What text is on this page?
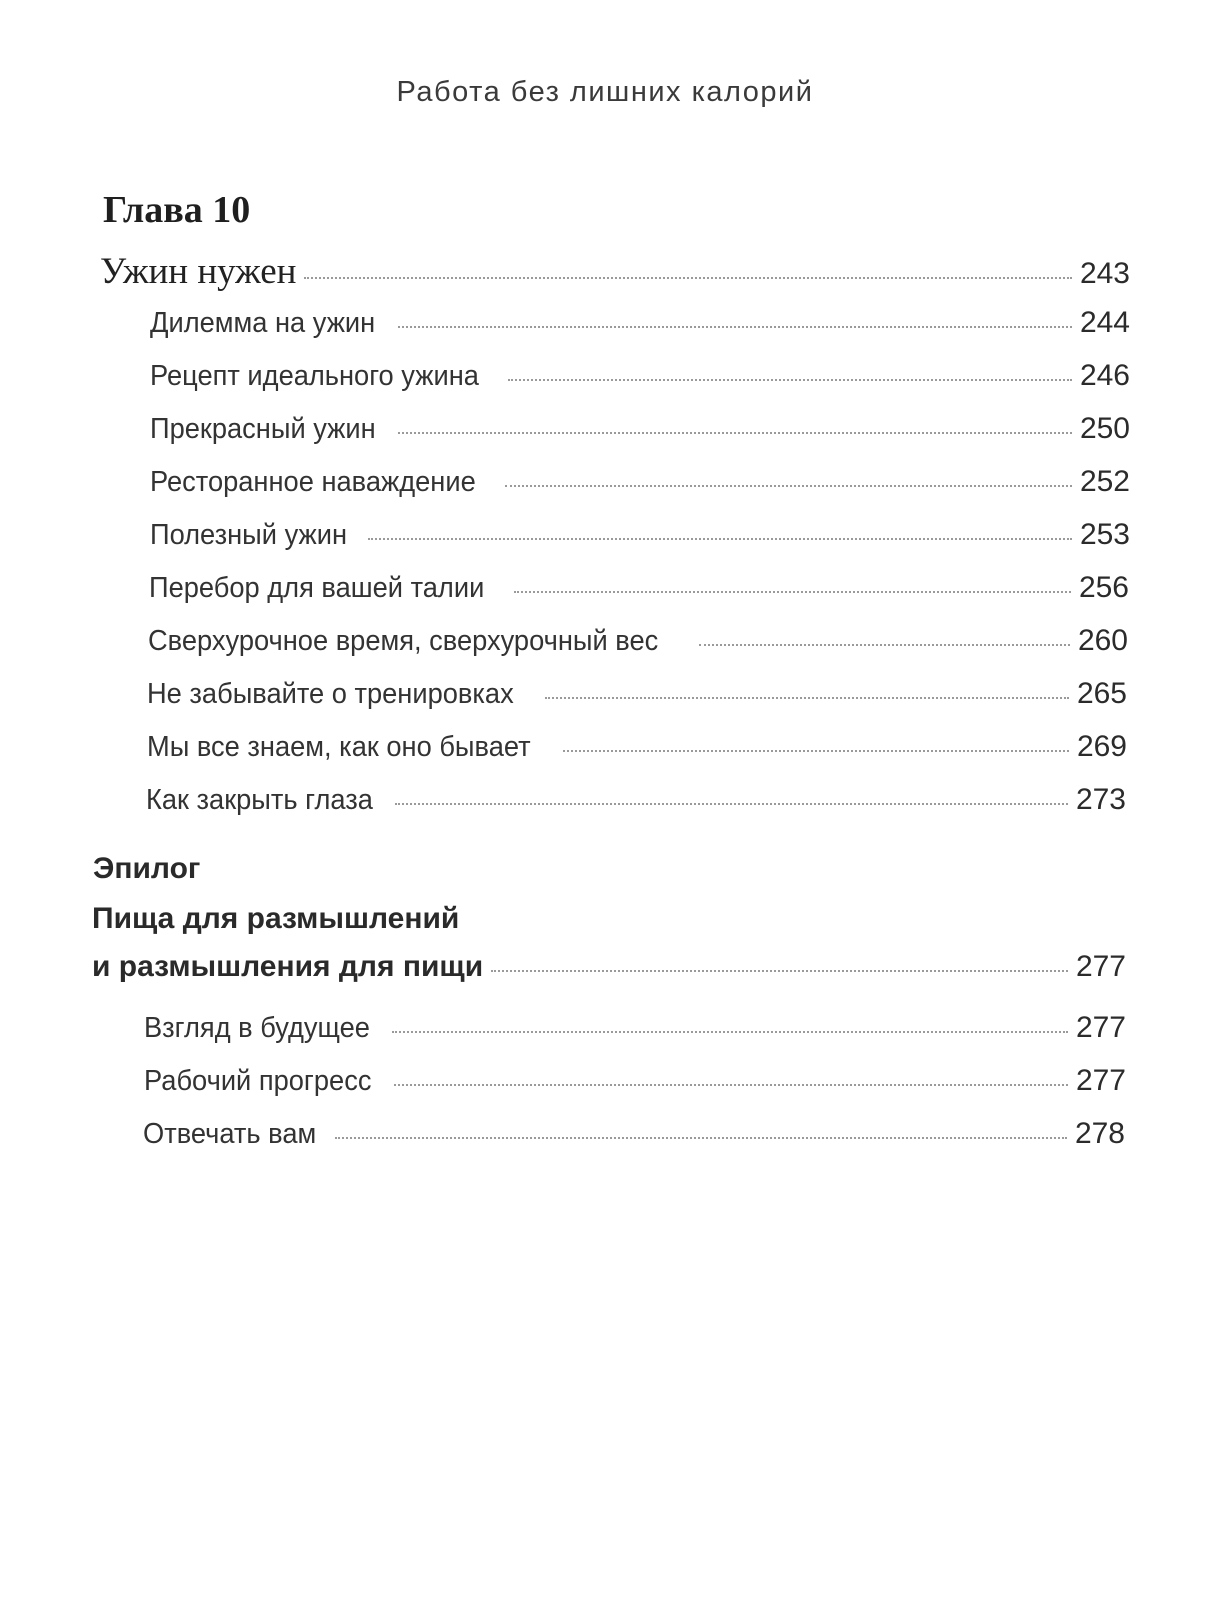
Работа без лишних калорий
Глава 10
Ужин нужен	243
Дилемма на ужин	244
Рецепт идеального ужина	246
Прекрасный ужин	250
Ресторанное наваждение	252
Полезный ужин	253
Перебор для вашей талии	256
Сверхурочное время, сверхурочный вес	260
Не забывайте о тренировках	265
Мы все знаем, как оно бывает	269
Как закрыть глаза	273
Эпилог
Пища для размышлений
и размышления для пищи	277
Взгляд в будущее	277
Рабочий прогресс	277
Отвечать вам	278
